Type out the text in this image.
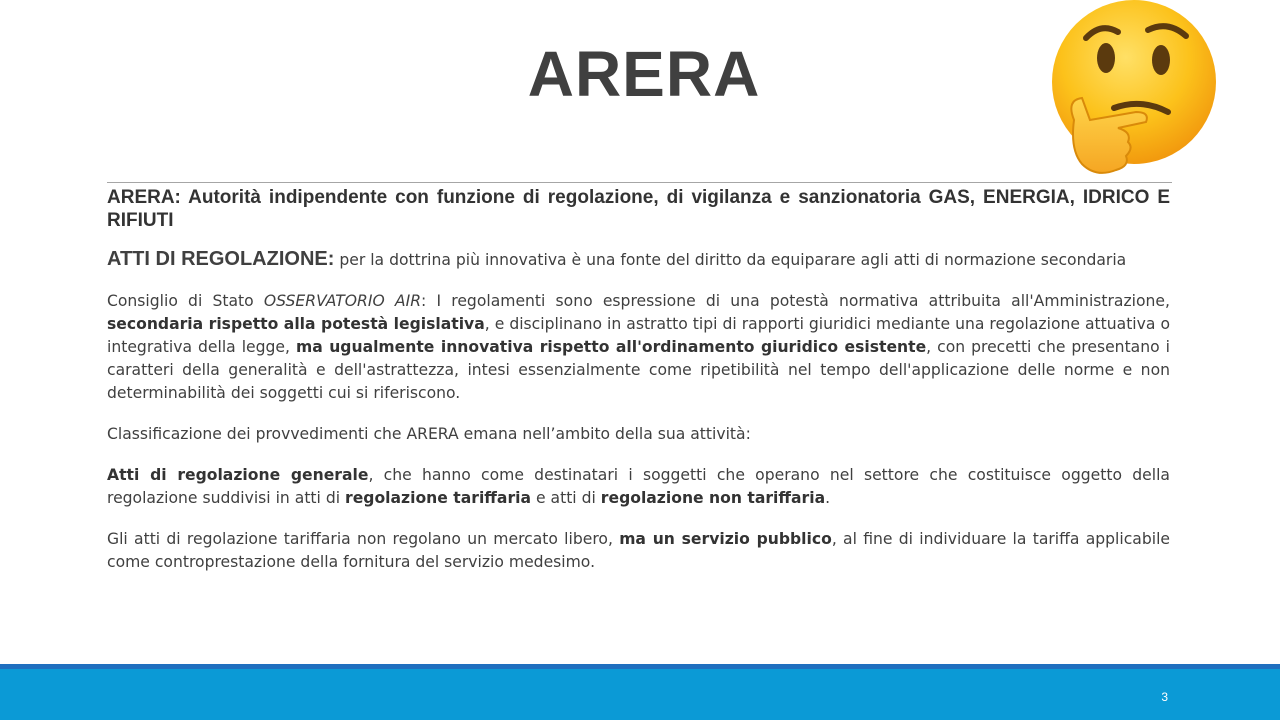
ARERA

ARERA: Autorità indipendente con funzione di regolazione, di vigilanza e sanzionatoria GAS, ENERGIA, IDRICO E RIFIUTI

ATTI DI REGOLAZIONE: per la dottrina più innovativa è una fonte del diritto da equiparare agli atti di normazione secondaria

Consiglio di Stato OSSERVATORIO AIR: I regolamenti sono espressione di una potestà normativa attribuita all'Amministrazione, secondaria rispetto alla potestà legislativa, e disciplinano in astratto tipi di rapporti giuridici mediante una regolazione attuativa o integrativa della legge, ma ugualmente innovativa rispetto all'ordinamento giuridico esistente, con precetti che presentano i caratteri della generalità e dell'astrattezza, intesi essenzialmente come ripetibilità nel tempo dell'applicazione delle norme e non determinabilità dei soggetti cui si riferiscono.

Classificazione dei provvedimenti che ARERA emana nell’ambito della sua attività:

Atti di regolazione generale, che hanno come destinatari i soggetti che operano nel settore che costituisce oggetto della regolazione suddivisi in atti di regolazione tariffaria e atti di regolazione non tariffaria.

Gli atti di regolazione tariffaria non regolano un mercato libero, ma un servizio pubblico, al fine di individuare la tariffa applicabile come controprestazione della fornitura del servizio medesimo.

3
